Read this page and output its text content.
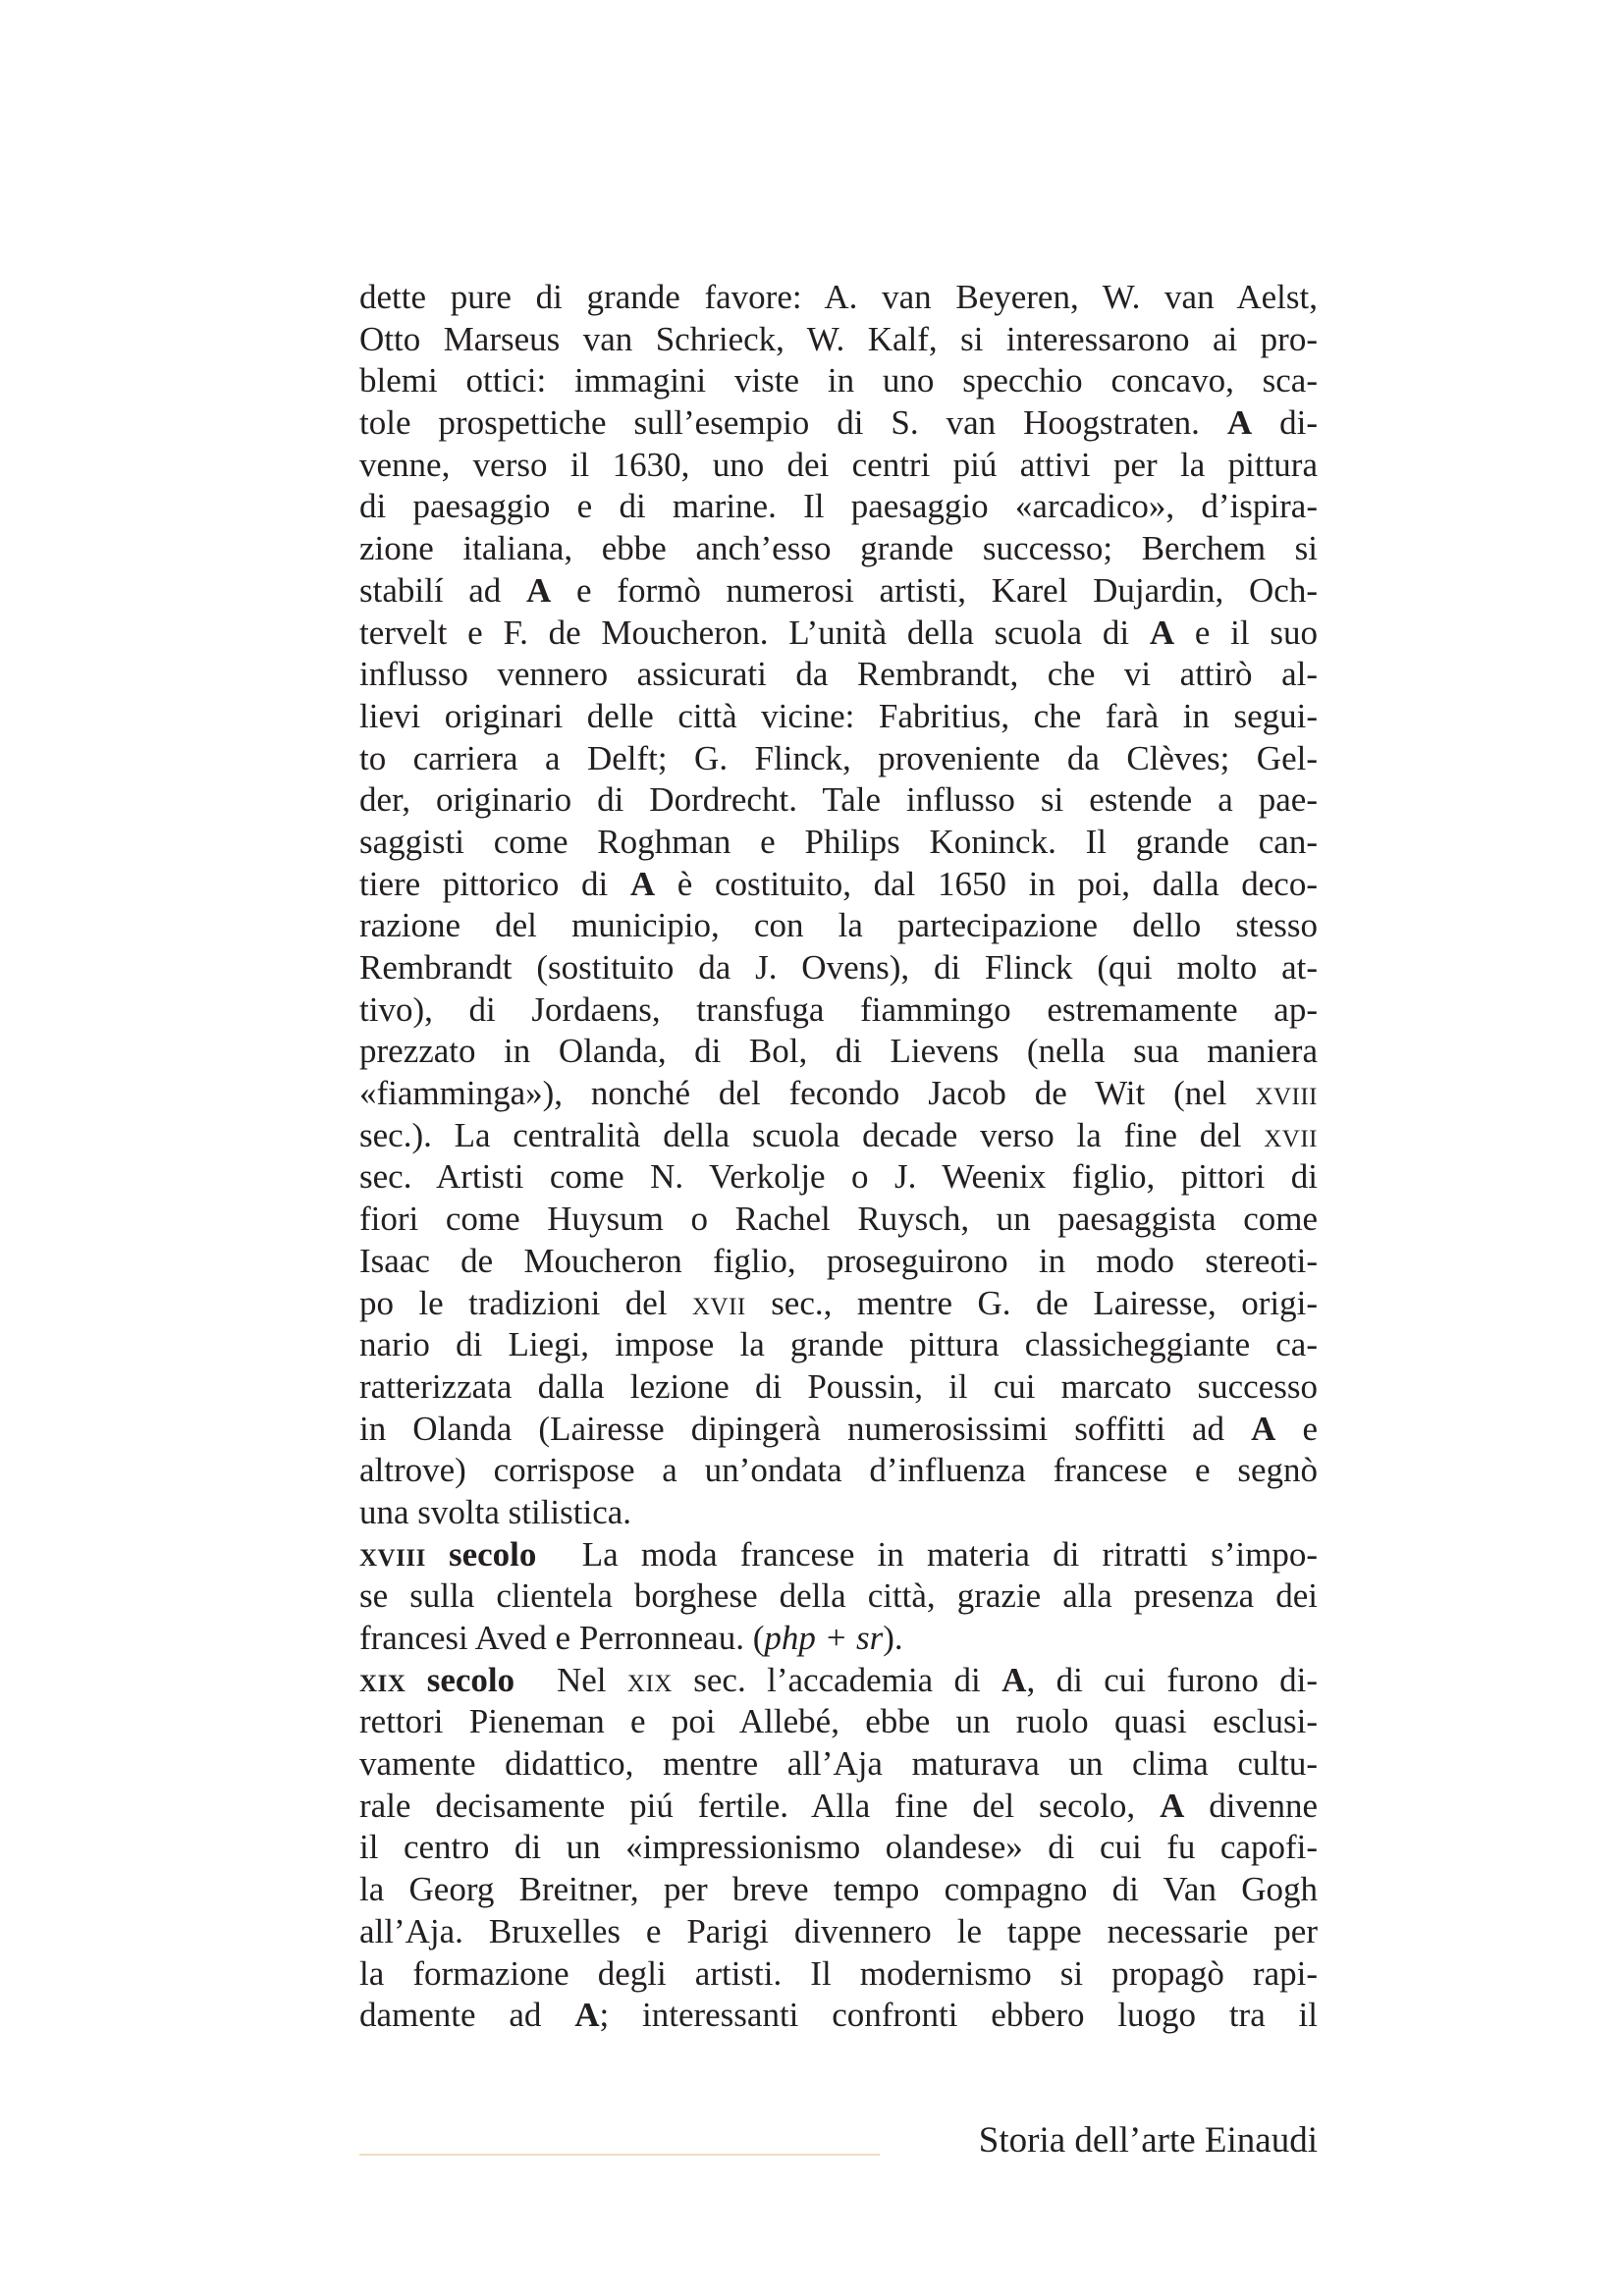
dette pure di grande favore: A. van Beyeren, W. van Aelst,
Otto Marseus van Schrieck, W. Kalf, si interessarono ai pro-
blemi ottici: immagini viste in uno specchio concavo, sca-
tole prospettiche sull’esempio di S. van Hoogstraten. A di-
venne, verso il 1630, uno dei centri piú attivi per la pittura
di paesaggio e di marine. Il paesaggio «arcadico», d’ispira-
zione italiana, ebbe anch’esso grande successo; Berchem si
stabilí ad A e formò numerosi artisti, Karel Dujardin, Och-
tervelt e F. de Moucheron. L’unità della scuola di A e il suo
influsso vennero assicurati da Rembrandt, che vi attirò al-
lievi originari delle città vicine: Fabritius, che farà in segui-
to carriera a Delft; G. Flinck, proveniente da Clèves; Gel-
der, originario di Dordrecht. Tale influsso si estende a pae-
saggisti come Roghman e Philips Koninck. Il grande can-
tiere pittorico di A è costituito, dal 1650 in poi, dalla deco-
razione del municipio, con la partecipazione dello stesso
Rembrandt (sostituito da J. Ovens), di Flinck (qui molto at-
tivo), di Jordaens, transfuga fiammingo estremamente ap-
prezzato in Olanda, di Bol, di Lievens (nella sua maniera
«fiamminga»), nonché del fecondo Jacob de Wit (nel xviii
sec.). La centralità della scuola decade verso la fine del xvii
sec. Artisti come N. Verkolje o J. Weenix figlio, pittori di
fiori come Huysum o Rachel Ruysch, un paesaggista come
Isaac de Moucheron figlio, proseguirono in modo stereoti-
po le tradizioni del xvii sec., mentre G. de Lairesse, origi-
nario di Liegi, impose la grande pittura classicheggiante ca-
ratterizzata dalla lezione di Poussin, il cui marcato successo
in Olanda (Lairesse dipingerà numerosissimi soffitti ad A e
altrove) corrispose a un’ondata d’influenza francese e segnò
una svolta stilistica.
xviii secolo  La moda francese in materia di ritratti s’impo-
se sulla clientela borghese della città, grazie alla presenza dei
francesi Aved e Perronneau. (php + sr).
xix secolo  Nel xix sec. l’accademia di A, di cui furono di-
rettori Pieneman e poi Allebé, ebbe un ruolo quasi esclusi-
vamente didattico, mentre all’Aja maturava un clima cultu-
rale decisamente piú fertile. Alla fine del secolo, A divenne
il centro di un «impressionismo olandese» di cui fu capofi-
la Georg Breitner, per breve tempo compagno di Van Gogh
all’Aja. Bruxelles e Parigi divennero le tappe necessarie per
la formazione degli artisti. Il modernismo si propagò rapi-
damente ad A; interessanti confronti ebbero luogo tra il
Storia dell’arte Einaudi
